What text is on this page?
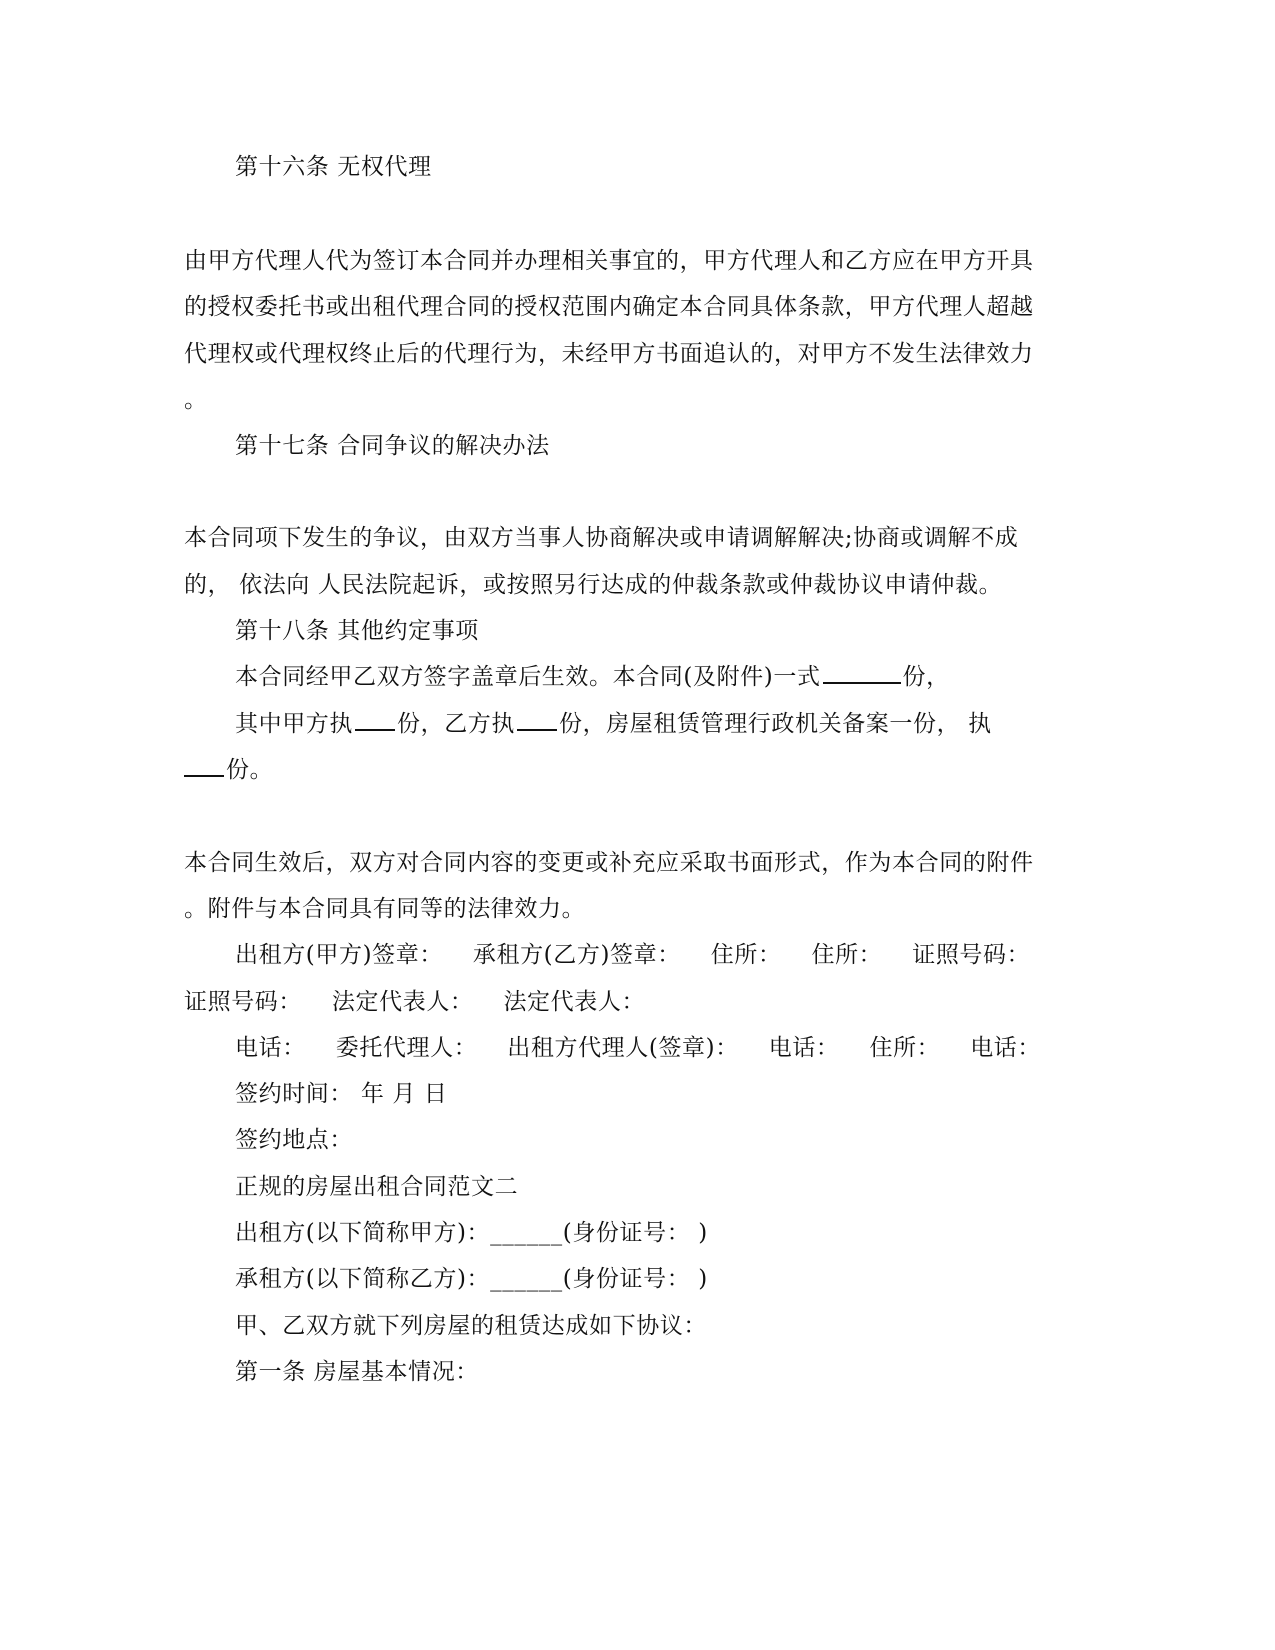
第十六条 无权代理
由甲方代理人代为签订本合同并办理相关事宜的，甲方代理人和乙方应在甲方开具
的授权委托书或出租代理合同的授权范围内确定本合同具体条款，甲方代理人超越
代理权或代理权终止后的代理行为，未经甲方书面追认的，对甲方不发生法律效力
。
第十七条 合同争议的解决办法
本合同项下发生的争议，由双方当事人协商解决或申请调解解决;协商或调解不成
的， 依法向 人民法院起诉，或按照另行达成的仲裁条款或仲裁协议申请仲裁。
第十八条 其他约定事项
本合同经甲乙双方签字盖章后生效。本合同(及附件)一式	份，
其中甲方执 份，乙方执 份，房屋租赁管理行政机关备案一份， 执
份。
本合同生效后，双方对合同内容的变更或补充应采取书面形式，作为本合同的附件
。附件与本合同具有同等的法律效力。
出租方(甲方)签章： 承租方(乙方)签章： 住所： 住所： 证照号码：
证照号码： 法定代表人： 法定代表人：
电话： 委托代理人： 出租方代理人(签章)： 电话： 住所： 电话：
签约时间： 年 月 日
签约地点：
正规的房屋出租合同范文二
出租方(以下简称甲方)：______(身份证号： )
承租方(以下简称乙方)：______(身份证号： )
甲、乙双方就下列房屋的租赁达成如下协议：
第一条 房屋基本情况：
